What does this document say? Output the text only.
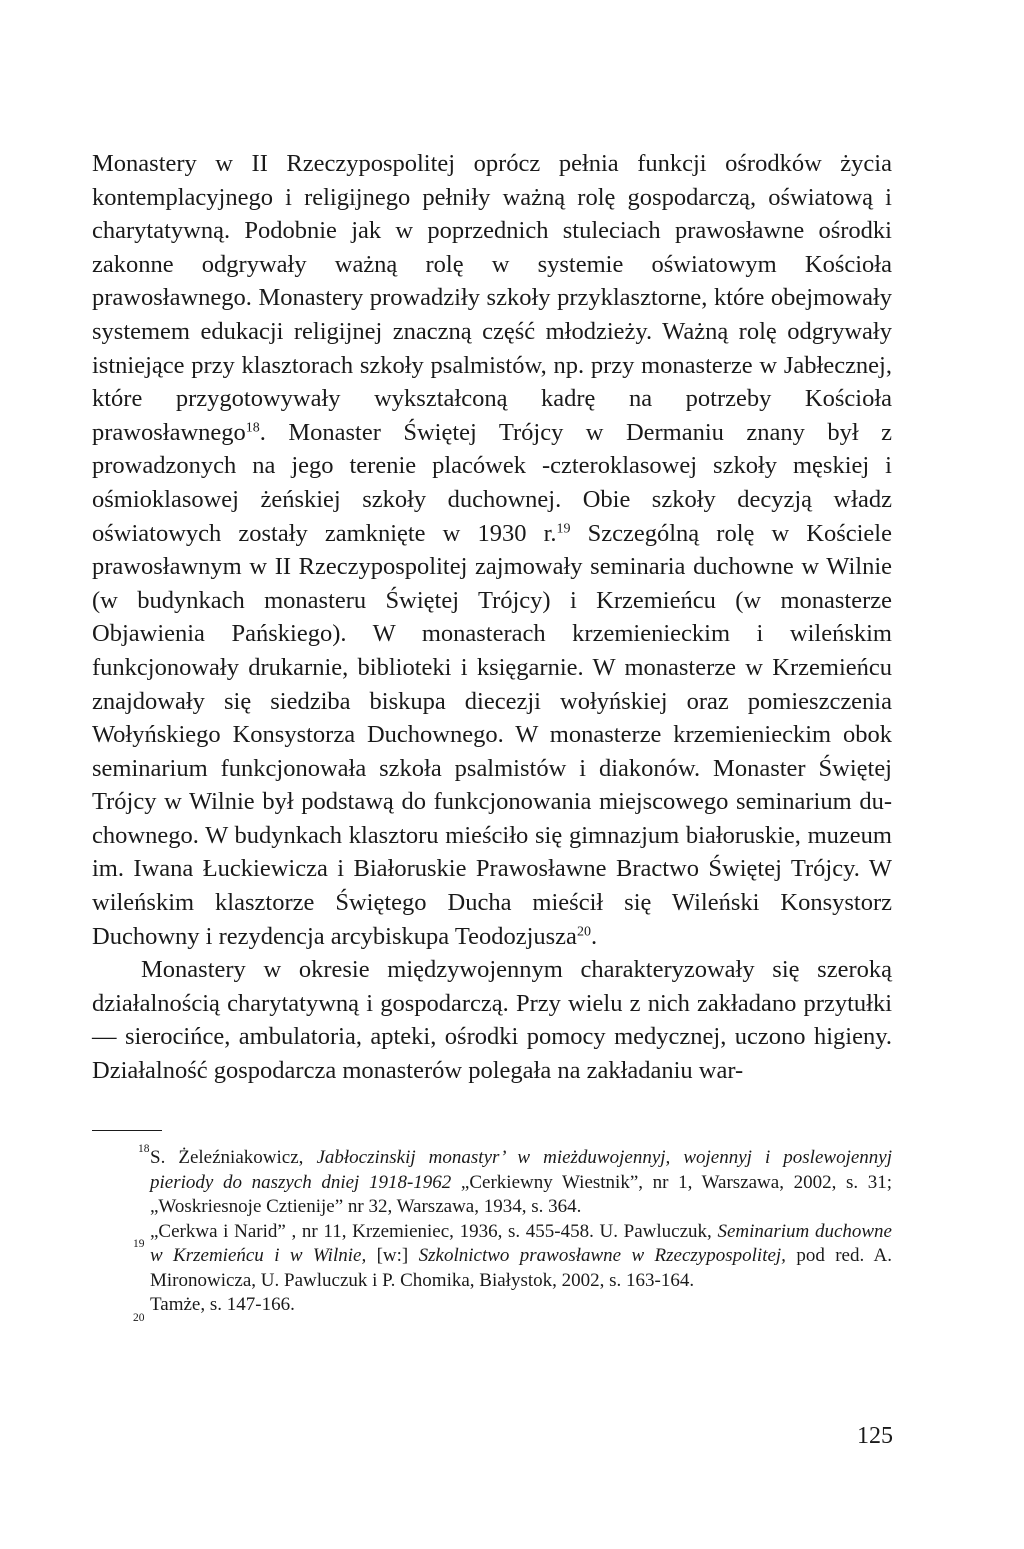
Monastery w II Rzeczypospolitej oprócz pełnia funkcji ośrodków życia kontemplacyjnego i religijnego pełniły ważną rolę gospodarczą, oświatową i charytatywną. Podobnie jak w poprzednich stuleciach prawosławne ośrodki zakonne odgrywały ważną rolę w systemie oświatowym Kościoła prawosławnego. Monastery prowadziły szkoły przyklasztorne, które obejmowały systemem edukacji religijnej znaczną część młodzieży. Ważną rolę odgrywały istniejące przy klasztorach szkoły psalmistów, np. przy monasterze w Jabłecznej, które przygotowywały wykształconą kadrę na potrzeby Kościoła prawosławnego$^{18}$. Monaster Świętej Trójcy w Dermaniu znany był z prowadzonych na jego terenie placówek -czteroklasowej szkoły męskiej i ośmioklasowej żeńskiej szkoły duchownej. Obie szkoły decyzją władz oświatowych zostały zamknięte w 1930 r.$^{19}$ Szczególną rolę w Kościele prawosławnym w II Rzeczypospolitej zajmowały seminaria duchowne w Wilnie (w budynkach monasteru Świętej Trójcy) i Krzemieńcu (w monasterze Objawienia Pańskiego). W monasterach krzemienieckim i wileńskim funkcjonowały drukarnie, biblioteki i księgarnie. W monasterze w Krzemieńcu znajdowały się siedziba biskupa diecezji wołyńskiej oraz pomieszczenia Wołyńskiego Konsystorza Duchownego. W monasterze krzemienieckim obok seminarium funkcjonowała szkoła psalmistów i diakonów. Monaster Świętej Trójcy w Wilnie był podstawą do funkcjonowania miejscowego seminarium duchownego. W budynkach klasztoru mieściło się gimnazjum białoruskie, muzeum im. Iwana Łuckiewicza i Białoruskie Prawosławne Bractwo Świętej Trójcy. W wileńskim klasztorze Świętego Ducha mieścił się Wileński Konsystorz Duchowny i rezydencja arcybiskupa Teodozjusza$^{20}$.

Monastery w okresie międzywojennym charakteryzowały się szeroką działalnością charytatywną i gospodarczą. Przy wielu z nich zakładano przytułki — sierocińce, ambulatoria, apteki, ośrodki pomocy medycznej, uczono higieny. Działalność gospodarcza monasterów polegała na zakładaniu war-

18 S. Żeleźniakowicz, Jabłoczinskij monastyr’ w mieżduwojennyj, wojennyj i poslewojennyj pieriody do naszych dniej 1918-1962 „Cerkiewny Wiestnik”, nr 1, Warszawa, 2002, s. 31; „Woskriesnoje Cztienije” nr 32, Warszawa, 1934, s. 364.
19
„Cerkwa i Narid” , nr 11, Krzemieniec, 1936, s. 455-458. U. Pawluczuk, Seminarium duchowne w Krzemieńcu i w Wilnie, [w:] Szkolnictwo prawosławne w Rzeczypospolitej, pod red. A. Mironowicza, U. Pawluczuk i P. Chomika, Białystok, 2002, s. 163-164.
20
Tamże, s. 147-166.
125
